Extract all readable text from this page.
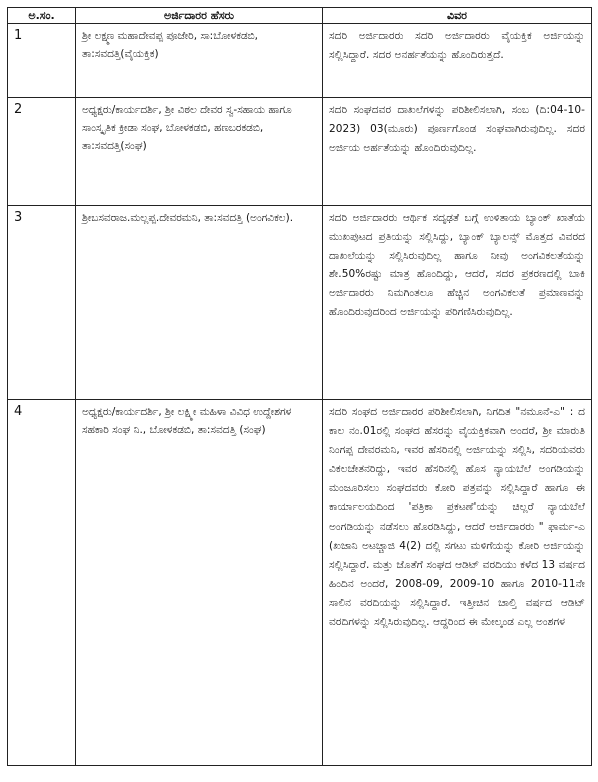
ಅ.ಸಂ.	ಅರ್ಜಿದಾರರ ಹೆಸರು	ವಿವರ
1	ಶ್ರೀ ಲಕ್ಷ್ಮಣ ಮಹಾದೇವಪ್ಪ ಪೂಜೇರಿ, ಸಾ:ಬೋಳಕಡಬಿ, ತಾ:ಸವದತ್ತಿ(ವೈಯಕ್ತಿಕ)	ಸದರಿ ಅರ್ಜಿದಾರರು ಸದರಿ ಅರ್ಜಿದಾರರು ವೈಯಕ್ತಿಕ ಅರ್ಜಿಯನ್ನು ಸಲ್ಲಿಸಿದ್ದಾರೆ. ಸದರ ಅನರ್ಹತೆಯನ್ನು ಹೊಂದಿರುತ್ತದೆ.
2	ಅಧ್ಯಕ್ಷರು/ಕಾರ್ಯದರ್ಶಿ, ಶ್ರೀ ವಿಠಲ ದೇವರ ಸ್ವ-ಸಹಾಯ ಹಾಗೂ ಸಾಂಸ್ಕೃತಿಕ ಕ್ರೀಡಾ ಸಂಘ, ಬೋಳಕಡಬಿ, ಹಣಬರಕಡಬಿ, ತಾ:ಸವದತ್ತಿ(ಸಂಘ)	ಸದರಿ ಸಂಘದವರ ದಾಖಲೆಗಳನ್ನು ಪರಿಶೀಲಿಸಲಾಗಿ, ಸಂಬ (ದಿ:04-10-2023) 03(ಮೂರು) ಪೂರ್ಣಗೊಂಡ ಸಂಘವಾಗಿರುವುದಿಲ್ಲ. ಸದರ ಅರ್ಜಿಯ ಅರ್ಹತೆಯನ್ನು ಹೊಂದಿರುವುದಿಲ್ಲ.
3	ಶ್ರೀಬಸವರಾಜ.ಮಲ್ಲಪ್ಪ.ದೇವರಮನಿ, ತಾ:ಸವದತ್ತಿ (ಅಂಗವಿಕಲ).	ಸದರಿ ಅರ್ಜಿದಾರರು ಆರ್ಥಿಕ ಸದೃಢತೆ ಬಗ್ಗೆ ಉಳಿತಾಯ ಬ್ಯಾಂಕ್ ಖಾತೆಯ ಮುಖಪುಟದ ಪ್ರತಿಯನ್ನು ಸಲ್ಲಿಸಿದ್ದು, ಬ್ಯಾಂಕ್ ಬ್ಯಾಲನ್ಸ್ ಮೊತ್ತದ ವಿವರದ ದಾಖಲೆಯನ್ನು ಸಲ್ಲಿಸಿರುವುದಿಲ್ಲ ಹಾಗೂ ನೀವು ಅಂಗವಿಕಲತೆಯನ್ನು ಶೇ.50%ರಷ್ಟು ಮಾತ್ರ ಹೊಂದಿದ್ದು, ಆದರೆ, ಸದರ ಪ್ರಕರಣದಲ್ಲಿ ಬಾಕಿ ಅರ್ಜಿದಾರರು ನಿಮಗಿಂತಲೂ ಹೆಚ್ಚಿನ ಅಂಗವಿಕಲತೆ ಪ್ರಮಾಣವನ್ನು ಹೊಂದಿರುವುದರಿಂದ ಅರ್ಜಿಯನ್ನು ಪರಿಗಣಿಸಿರುವುದಿಲ್ಲ.
4	ಅಧ್ಯಕ್ಷರು/ಕಾರ್ಯದರ್ಶಿ, ಶ್ರೀ ಲಕ್ಷ್ಮೀ ಮಹಿಳಾ ವಿವಿಧ ಉದ್ದೇಶಗಳ ಸಹಕಾರಿ ಸಂಘ ನಿ., ಬೋಳಕಡಬಿ, ತಾ:ಸವದತ್ತಿ (ಸಂಘ)	ಸದರಿ ಸಂಘದ ಅರ್ಜಿದಾರರ ಪರಿಶೀಲಿಸಲಾಗಿ, ನಿಗದಿತ "ನಮೂನೆ-ಎ" : ದ ಕಾಲ ನಂ.01ರಲ್ಲಿ ಸಂಘದ ಹೆಸರನ್ನು ವೈಯಕ್ತಿಕವಾಗಿ ಅಂದರೆ, ಶ್ರೀ ಮಾರುತಿ ನಿಂಗಪ್ಪ ದೇವರಮನಿ, ಇವರ ಹೆಸರಿನಲ್ಲಿ ಅರ್ಜಿಯನ್ನು ಸಲ್ಲಿಸಿ, ಸದರಿಯವರು ವಿಕಲಚೇತನರಿದ್ದು, ಇವರ ಹೆಸರಿನಲ್ಲಿ ಹೊಸ ನ್ಯಾಯಬೆಲೆ ಅಂಗಡಿಯನ್ನು ಮಂಜೂರಿಸಲು ಸಂಘದವರು ಕೋರಿ ಪತ್ರವನ್ನು ಸಲ್ಲಿಸಿದ್ದಾರೆ ಹಾಗೂ ಈ ಕಾರ್ಯಾಲಯದಿಂದ 'ಪತ್ರಿಕಾ ಪ್ರಕಟಣೆ'ಯನ್ನು ಚಿಲ್ಲರೆ ನ್ಯಾಯಬೆಲೆ ಅಂಗಡಿಯನ್ನು ನಡೆಸಲು ಹೊರಡಿಸಿದ್ದು, ಆದರೆ ಅರ್ಜಿದಾರರು " ಫಾರ್ಮ-ಎ (ಖಜಾನಿ ಅಟಚ್ಚಾಜಿ 4(2) ದಲ್ಲಿ ಸಗಟು ಮಳಿಗೆಯನ್ನು ಕೋರಿ ಅರ್ಜಿಯನ್ನು ಸಲ್ಲಿಸಿದ್ದಾರೆ. ಮತ್ತು ಜೊತೆಗೆ ಸಂಘದ ಆಡಿಟ್ ವರದಿಯು ಕಳೆದ 13 ವರ್ಷದ ಹಿಂದಿನ ಅಂದರೆ, 2008-09, 2009-10 ಹಾಗೂ 2010-11ನೇ ಸಾಲಿನ ವರದಿಯನ್ನು ಸಲ್ಲಿಸಿದ್ದಾರೆ. ಇತ್ತೀಚಿನ ಚಾಲ್ತಿ ವರ್ಷದ ಆಡಿಟ್ ವರದಿಗಳನ್ನು ಸಲ್ಲಿಸಿರುವುದಿಲ್ಲ. ಆದ್ದರಿಂದ ಈ ಮೇಲ್ಕಂಡ ಎಲ್ಲ ಅಂಶಗಳ
